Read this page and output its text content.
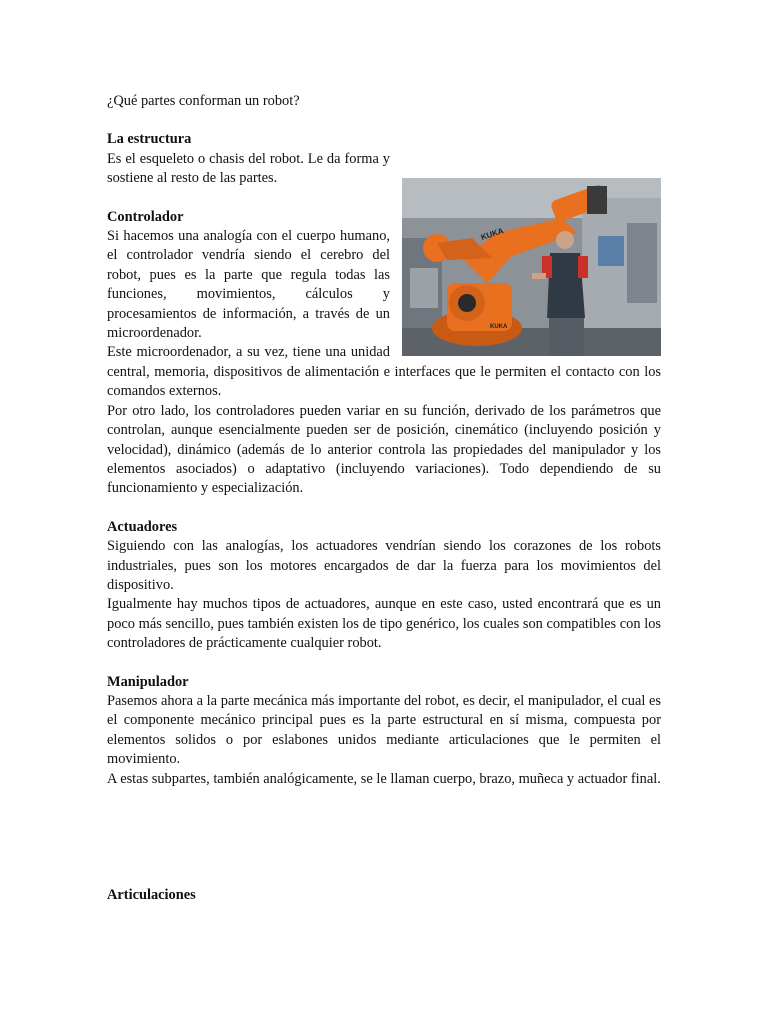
¿Qué partes conforman un robot?

KUKA
KUKA

La estructura

Es el esqueleto o chasis del robot. Le da forma y sostiene al resto de las partes.

Controlador

Si hacemos una analogía con el cuerpo humano, el controlador vendría siendo el cerebro del robot, pues es la parte que regula todas las funciones, movimientos, cálculos y procesamientos de información, a través de un microordenador.

Este microordenador, a su vez, tiene una unidad central, memoria, dispositivos de alimentación e interfaces que le permiten el contacto con los comandos externos.

Por otro lado, los controladores pueden variar en su función, derivado de los parámetros que controlan, aunque esencialmente pueden ser de posición, cinemático (incluyendo posición y velocidad), dinámico (además de lo anterior controla las propiedades del manipulador y los elementos asociados) o adaptativo (incluyendo variaciones). Todo dependiendo de su funcionamiento y especialización.

Actuadores

Siguiendo con las analogías, los actuadores vendrían siendo los corazones de los robots industriales, pues son los motores encargados de dar la fuerza para los movimientos del dispositivo.

Igualmente hay muchos tipos de actuadores, aunque en este caso, usted encontrará que es un poco más sencillo, pues también existen los de tipo genérico, los cuales son compatibles con los controladores de prácticamente cualquier robot.

Manipulador

Pasemos ahora a la parte mecánica más importante del robot, es decir, el manipulador, el cual es el componente mecánico principal pues es la parte estructural en sí misma, compuesta por elementos solidos o por eslabones unidos mediante articulaciones que le permiten el movimiento.

A estas subpartes, también analógicamente, se le llaman cuerpo, brazo, muñeca y actuador final.

Articulaciones
